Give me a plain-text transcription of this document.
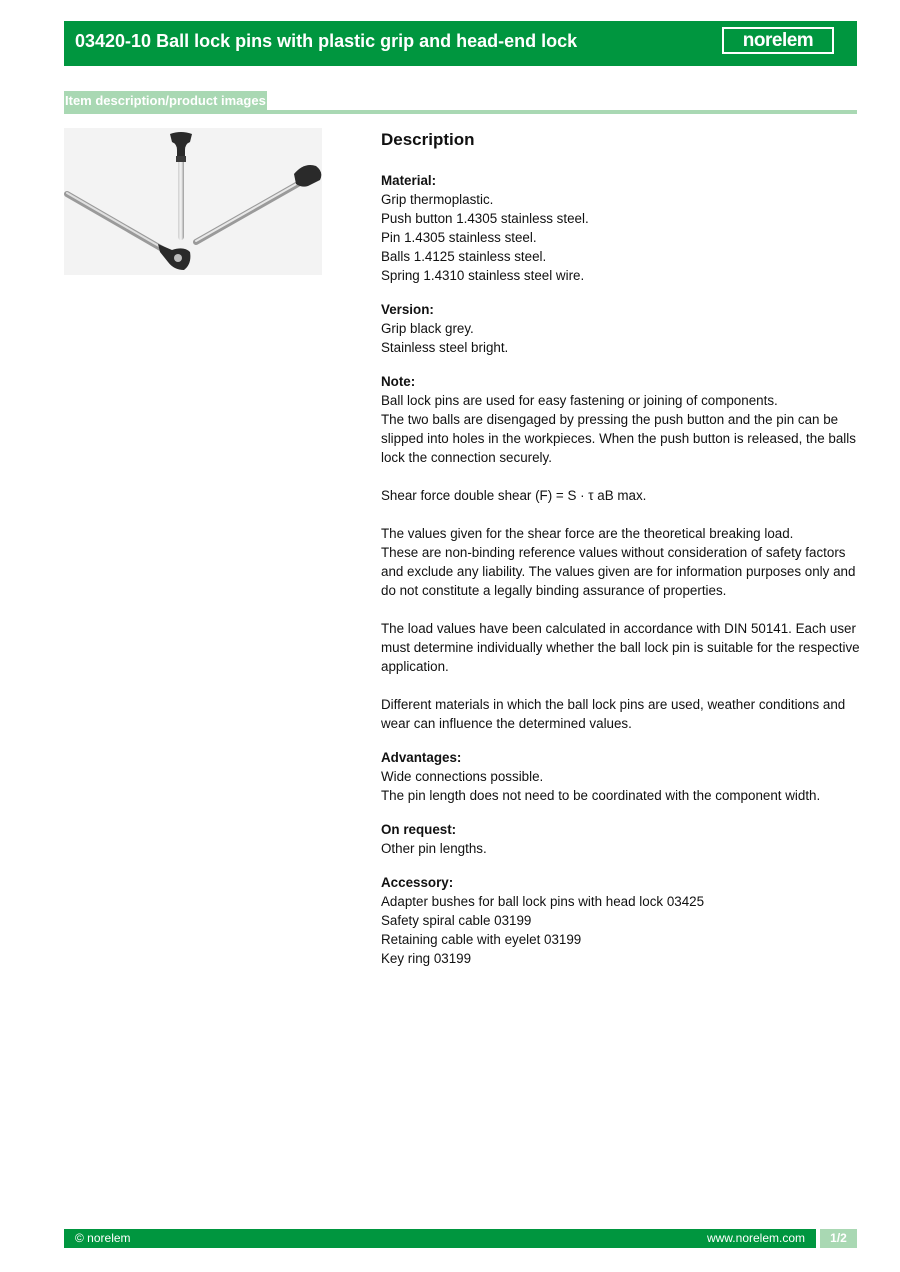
03420-10 Ball lock pins with plastic grip and head-end lock	norelem
Item description/product images
Description
Material:
Grip thermoplastic.
Push button 1.4305 stainless steel.
Pin 1.4305 stainless steel.
Balls 1.4125 stainless steel.
Spring 1.4310 stainless steel wire.
Version:
Grip black grey.
Stainless steel bright.
Note:
Ball lock pins are used for easy fastening or joining of components.
The two balls are disengaged by pressing the push button and the pin can be slipped into holes in the workpieces. When the push button is released, the balls lock the connection securely.
Shear force double shear (F) = S · τ aB max.
The values given for the shear force are the theoretical breaking load.
These are non-binding reference values without consideration of safety factors and exclude any liability. The values given are for information purposes only and do not constitute a legally binding assurance of properties.
The load values have been calculated in accordance with DIN 50141. Each user must determine individually whether the ball lock pin is suitable for the respective application.
Different materials in which the ball lock pins are used, weather conditions and wear can influence the determined values.
Advantages:
Wide connections possible.
The pin length does not need to be coordinated with the component width.
On request:
Other pin lengths.
Accessory:
Adapter bushes for ball lock pins with head lock 03425
Safety spiral cable 03199
Retaining cable with eyelet 03199
Key ring 03199
© norelem	www.norelem.com	1/2
